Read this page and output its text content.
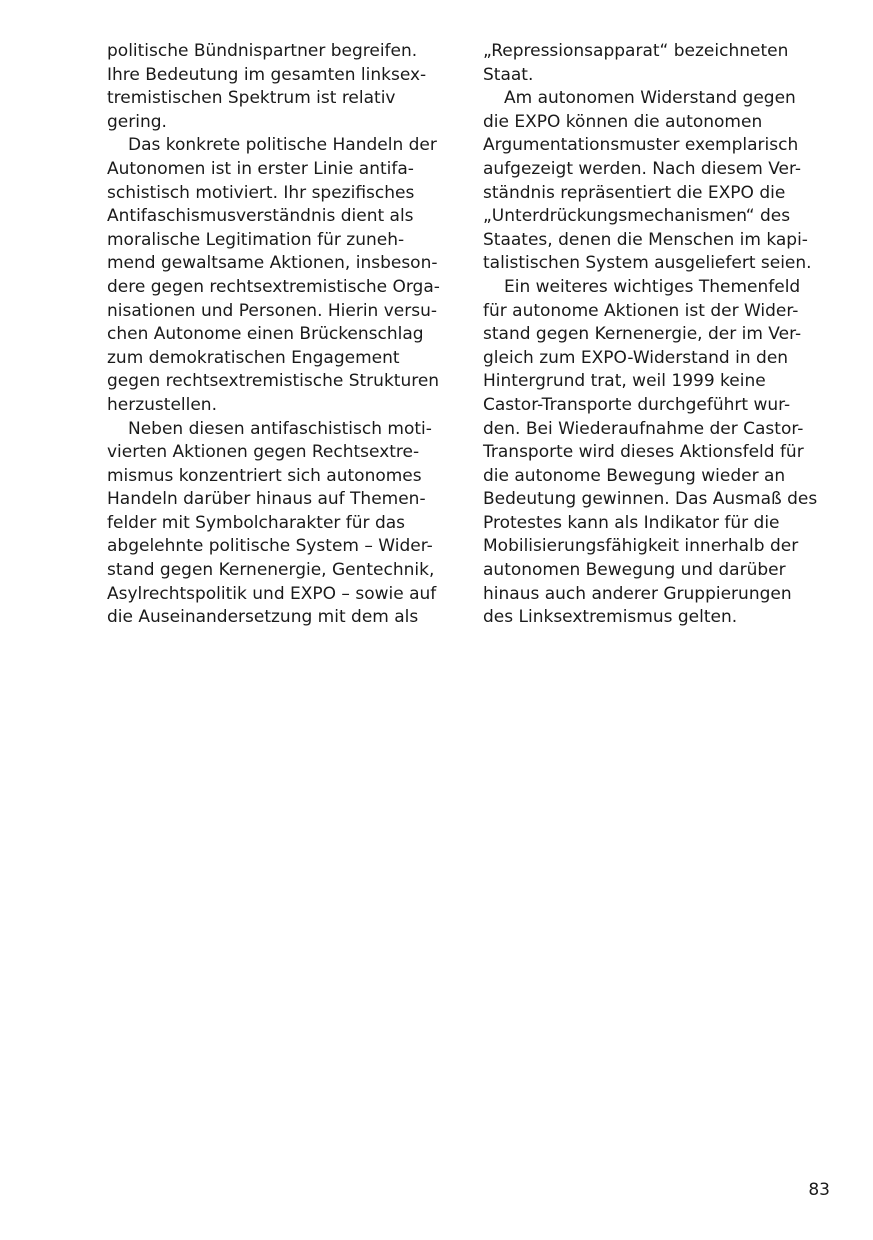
politische Bündnispartner begreifen.
Ihre Bedeutung im gesamten linksex-
tremistischen Spektrum ist relativ
gering.
Das konkrete politische Handeln der
Autonomen ist in erster Linie antifa-
schistisch motiviert. Ihr spezifisches
Antifaschismusverständnis dient als
moralische Legitimation für zuneh-
mend gewaltsame Aktionen, insbeson-
dere gegen rechtsextremistische Orga-
nisationen und Personen. Hierin versu-
chen Autonome einen Brückenschlag
zum demokratischen Engagement
gegen rechtsextremistische Strukturen
herzustellen.
Neben diesen antifaschistisch moti-
vierten Aktionen gegen Rechtsextre-
mismus konzentriert sich autonomes
Handeln darüber hinaus auf Themen-
felder mit Symbolcharakter für das
abgelehnte politische System – Wider-
stand gegen Kernenergie, Gentechnik,
Asylrechtspolitik und EXPO – sowie auf
die Auseinandersetzung mit dem als
„Repressionsapparat“ bezeichneten
Staat.
Am autonomen Widerstand gegen
die EXPO können die autonomen
Argumentationsmuster exemplarisch
aufgezeigt werden. Nach diesem Ver-
ständnis repräsentiert die EXPO die
„Unterdrückungsmechanismen“ des
Staates, denen die Menschen im kapi-
talistischen System ausgeliefert seien.
Ein weiteres wichtiges Themenfeld
für autonome Aktionen ist der Wider-
stand gegen Kernenergie, der im Ver-
gleich zum EXPO-Widerstand in den
Hintergrund trat, weil 1999 keine
Castor-Transporte durchgeführt wur-
den. Bei Wiederaufnahme der Castor-
Transporte wird dieses Aktionsfeld für
die autonome Bewegung wieder an
Bedeutung gewinnen. Das Ausmaß des
Protestes kann als Indikator für die
Mobilisierungsfähigkeit innerhalb der
autonomen Bewegung und darüber
hinaus auch anderer Gruppierungen
des Linksextremismus gelten.
83
